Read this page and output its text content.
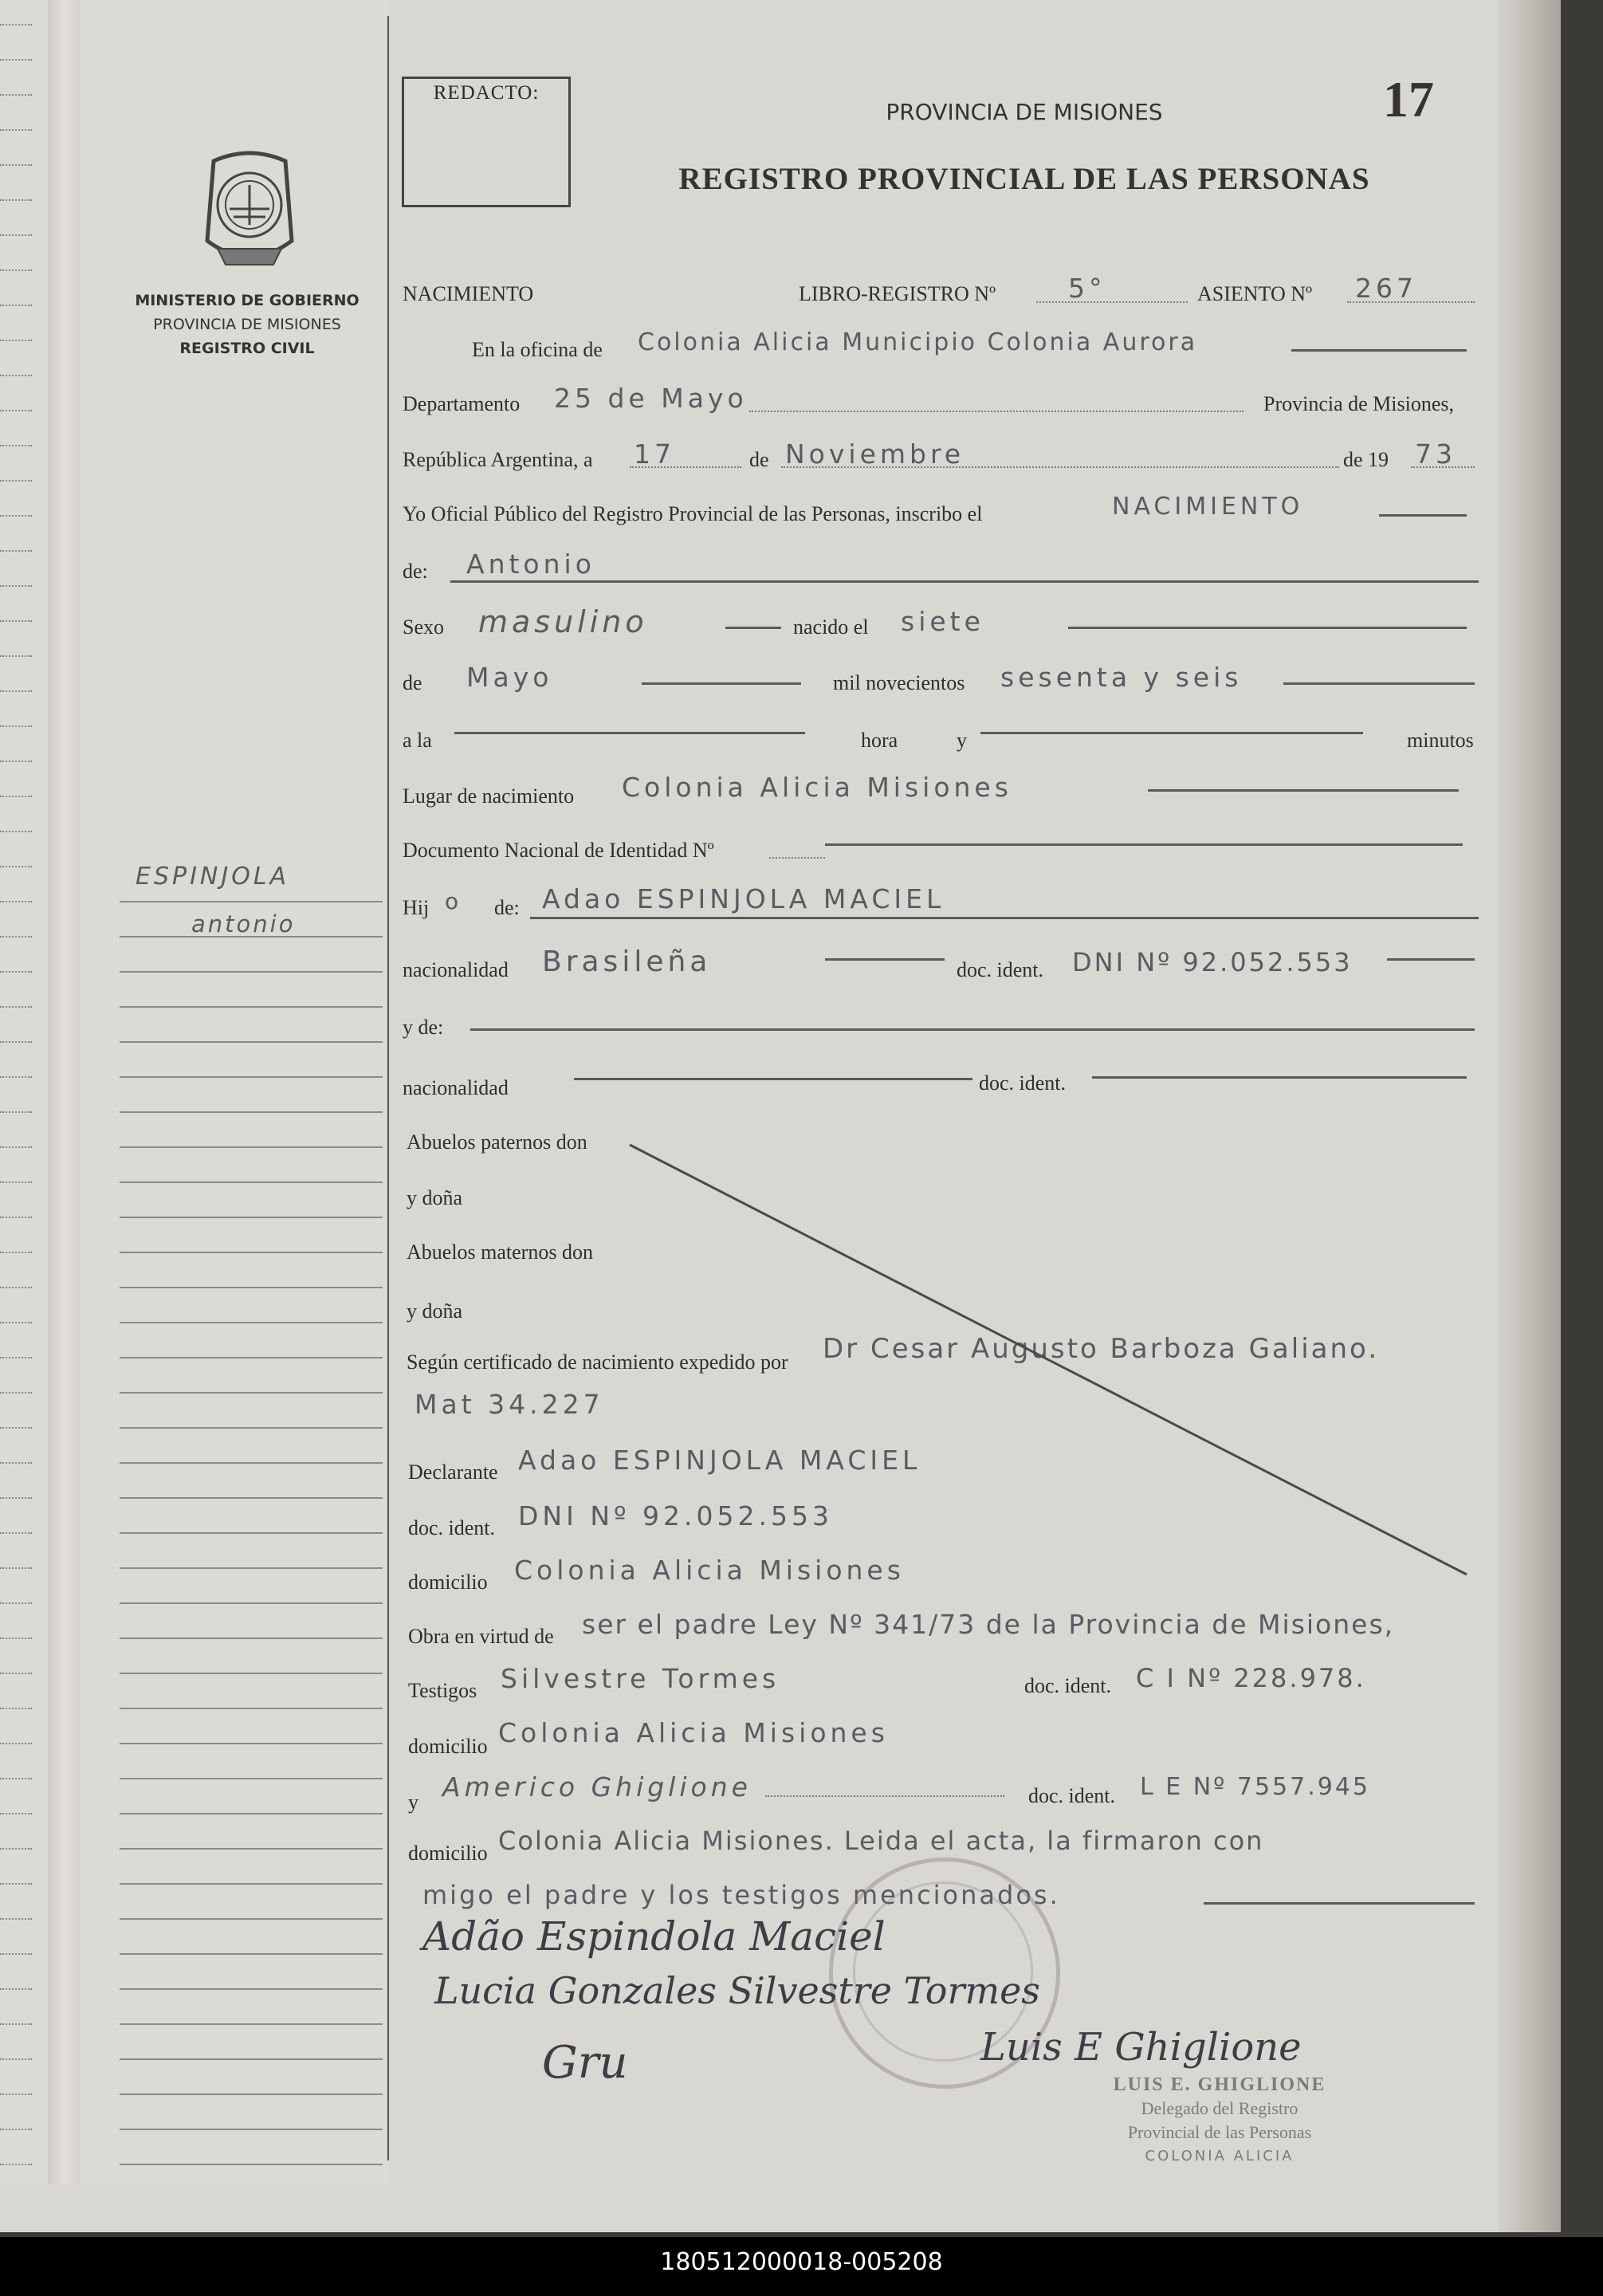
MINISTERIO DE GOBIERNO
PROVINCIA DE MISIONES
REGISTRO CIVIL
ESPINJOLA
antonio
REDACTO:	17
PROVINCIA DE MISIONES
REGISTRO PROVINCIAL DE LAS PERSONAS
NACIMIENTO	LIBRO-REGISTRO Nº	5°	ASIENTO Nº 267
En la oficina de Colonia Alicia Municipio Colonia Aurora
Departamento 25 de Mayo	Provincia de Misiones,
República Argentina, a 17	de Noviembre	de 19 73
Yo Oficial Público del Registro Provincial de las Personas, inscribo el	NACIMIENTO
de: Antonio
Sexo masulino	nacido el siete
de Mayo	mil novecientos sesenta y seis
a la	hora	y	minutos
Lugar de nacimiento Colonia Alicia Misiones
Documento Nacional de Identidad Nº
Hij o de: Adao ESPINJOLA MACIEL
nacionalidad Brasileña	doc. ident. DNI Nº 92.052.553
y de:
nacionalidad	doc. ident.
Abuelos paternos don
y doña
Abuelos maternos don
y doña
Según certificado de nacimiento expedido por Dr Cesar Augusto Barboza Galiano.
Mat 34.227
Declarante Adao ESPINJOLA MACIEL
doc. ident. DNI Nº 92.052.553
domicilio Colonia Alicia Misiones
Obra en virtud de ser el padre Ley Nº 341/73 de la Provincia de Misiones,
Testigos Silvestre Tormes	doc. ident. C I Nº 228.978.
domicilio Colonia Alicia Misiones
y Americo Ghiglione	doc. ident. L E Nº 7557.945
domicilio Colonia Alicia Misiones. Leida el acta, la firmaron con
migo el padre y los testigos mencionados.
Adão Espindola Maciel
Lucia Gonzales Silvestre Tormes
Gru	Luis E Ghiglione
LUIS E. GHIGLIONE
Delegado del Registro
Provincial de las Personas
COLONIA ALICIA
180512000018-005208
